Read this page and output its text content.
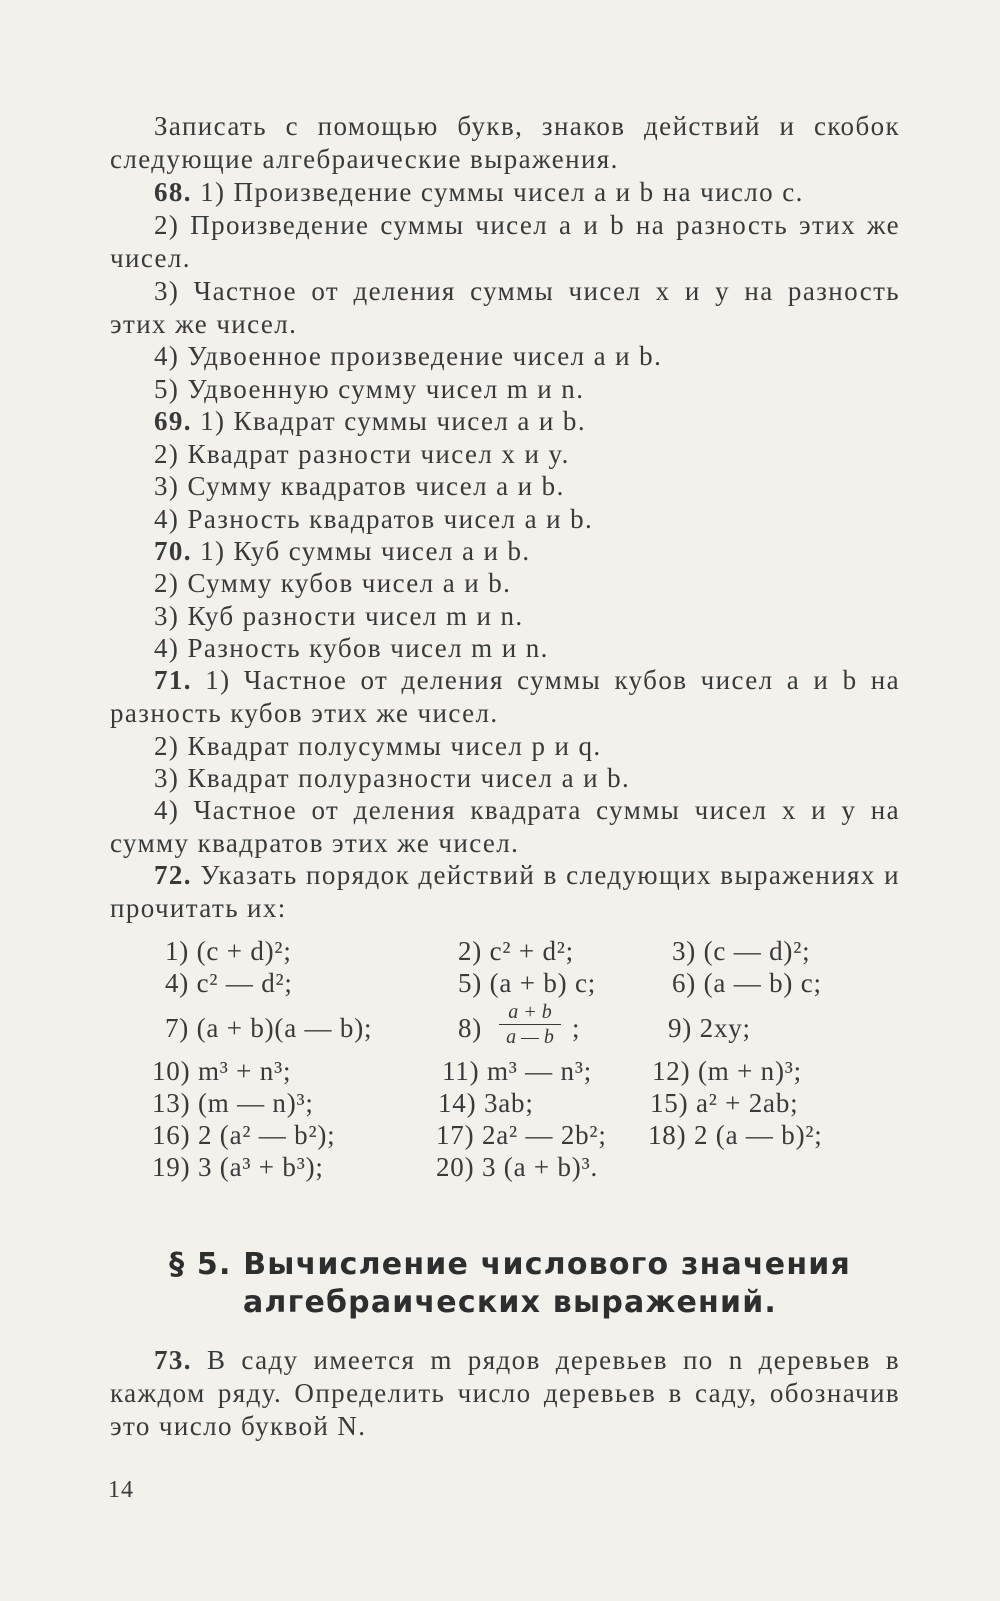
Записать с помощью букв, знаков действий и скобок следующие алгебраические выражения.
68. 1) Произведение суммы чисел a и b на число c.
2) Произведение суммы чисел a и b на разность этих же чисел.
3) Частное от деления суммы чисел x и y на разность этих же чисел.
4) Удвоенное произведение чисел a и b.
5) Удвоенную сумму чисел m и n.
69. 1) Квадрат суммы чисел a и b.
2) Квадрат разности чисел x и y.
3) Сумму квадратов чисел a и b.
4) Разность квадратов чисел a и b.
70. 1) Куб суммы чисел a и b.
2) Сумму кубов чисел a и b.
3) Куб разности чисел m и n.
4) Разность кубов чисел m и n.
71. 1) Частное от деления суммы кубов чисел a и b на разность кубов этих же чисел.
2) Квадрат полусуммы чисел p и q.
3) Квадрат полуразности чисел a и b.
4) Частное от деления квадрата суммы чисел x и y на сумму квадратов этих же чисел.
72. Указать порядок действий в следующих выражениях и прочитать их:
1) (c + d)²;	2) c² + d²;	3) (c — d)²;
4) c² — d²;	5) (a + b) c;	6) (a — b) c;
7) (a + b)(a — b);	8)
a + b
a — b ;	9) 2xy;
10) m³ + n³;	11) m³ — n³; 12) (m + n)³;
13) (m — n)³;	14) 3ab;	15) a² + 2ab;
16) 2 (a² — b²);	17) 2a² — 2b²; 18) 2 (a — b)²;
19) 3 (a³ + b³);	20) 3 (a + b)³.
§ 5. Вычисление числового значения
алгебраических выражений.
73. В саду имеется m рядов деревьев по n деревьев в каждом ряду. Определить число деревьев в саду, обозначив это число буквой N.
14
